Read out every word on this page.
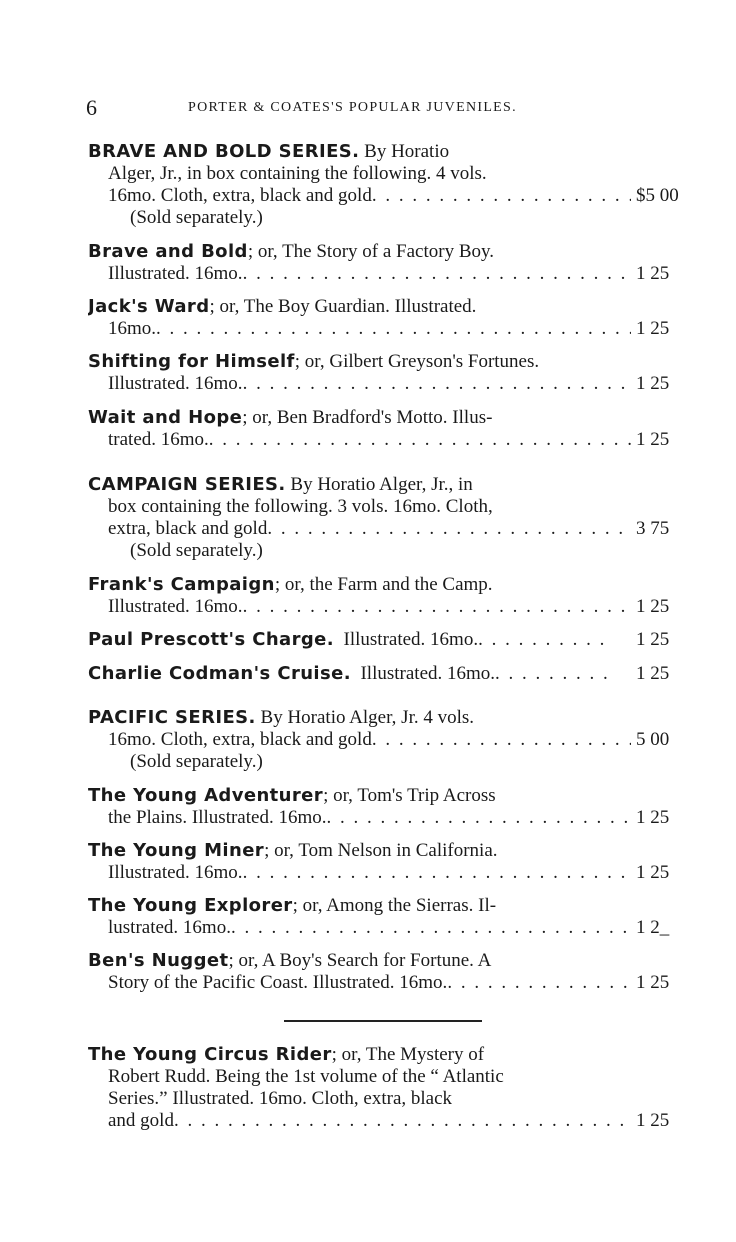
6	PORTER & COATES'S POPULAR JUVENILES.
BRAVE AND BOLD SERIES. By Horatio
Alger, Jr., in box containing the following. 4 vols.
16mo. Cloth, extra, black and gold . . .	$5 00
(Sold separately.)
Brave and Bold; or, The Story of a Factory Boy.
Illustrated. 16mo. . . .	1 25
Jack's Ward; or, The Boy Guardian. Illustrated.
16mo. . . .	1 25
Shifting for Himself; or, Gilbert Greyson's Fortunes.
Illustrated. 16mo. . . .	1 25
Wait and Hope; or, Ben Bradford's Motto. Illus-
trated. 16mo. . . .	1 25
CAMPAIGN SERIES. By Horatio Alger, Jr., in
box containing the following. 3 vols. 16mo. Cloth,
extra, black and gold . . .	3 75
(Sold separately.)
Frank's Campaign; or, the Farm and the Camp.
Illustrated. 16mo. . . .	1 25
Paul Prescott's Charge. Illustrated. 16mo. . . .	1 25
Charlie Codman's Cruise. Illustrated. 16mo. . . .	1 25
PACIFIC SERIES. By Horatio Alger, Jr. 4 vols.
16mo. Cloth, extra, black and gold . . .	5 00
(Sold separately.)
The Young Adventurer; or, Tom's Trip Across
the Plains. Illustrated. 16mo. . . .	1 25
The Young Miner; or, Tom Nelson in California.
Illustrated. 16mo. . . .	1 25
The Young Explorer; or, Among the Sierras. Il-
lustrated. 16mo. . . .	1 2_
Ben's Nugget; or, A Boy's Search for Fortune. A
Story of the Pacific Coast. Illustrated. 16mo. . . .	1 25
The Young Circus Rider; or, The Mystery of
Robert Rudd. Being the 1st volume of the “ Atlantic
Series.” Illustrated. 16mo. Cloth, extra, black
and gold . . .	1 25
